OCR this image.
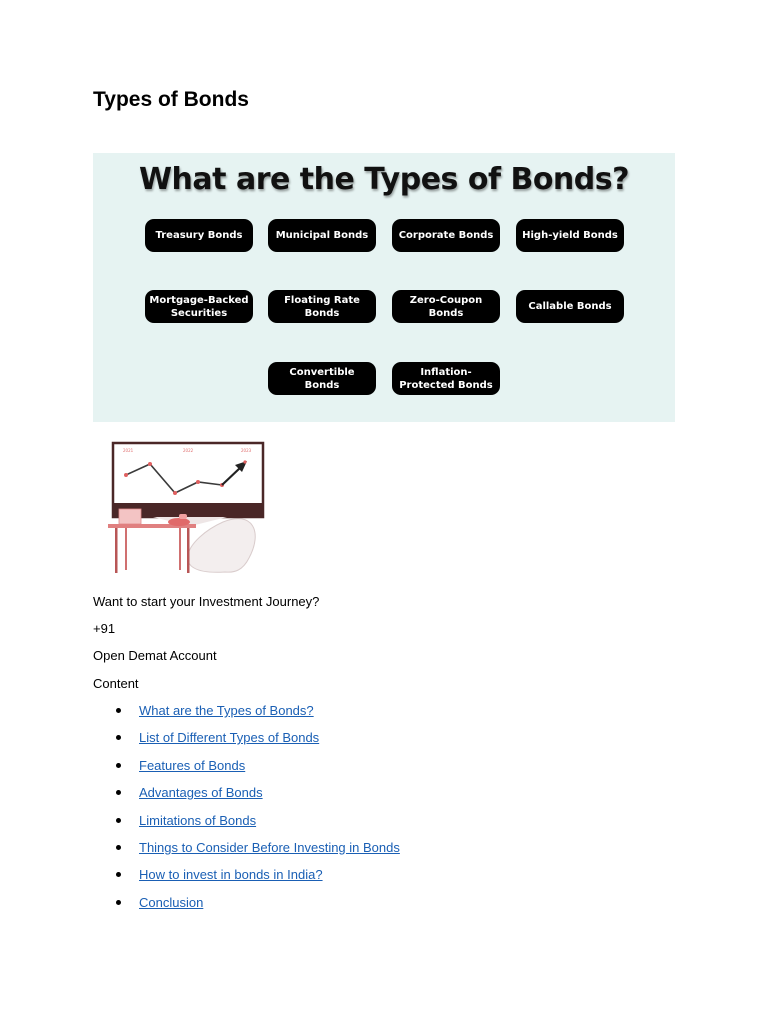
Types of Bonds
What are the Types of Bonds?
Treasury Bonds	Municipal Bonds	Corporate Bonds	High-yield Bonds
Mortgage-Backed Securities
Floating Rate Bonds
Zero-Coupon Bonds
Callable Bonds
Convertible Bonds
Inflation-Protected Bonds
2021	2022	2023

Want to start your Investment Journey?

+91

Open Demat Account

Content

What are the Types of Bonds?
List of Different Types of Bonds
Features of Bonds
Advantages of Bonds
Limitations of Bonds
Things to Consider Before Investing in Bonds
How to invest in bonds in India?
Conclusion
